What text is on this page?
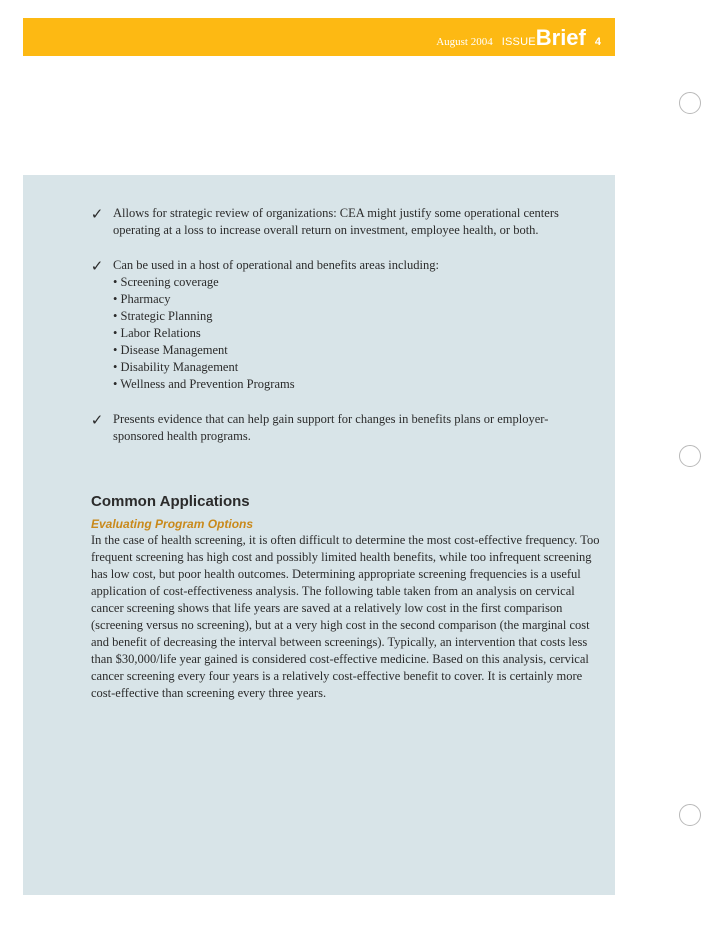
August 2004 ISSUE Brief 4
✓ Allows for strategic review of organizations: CEA might justify some operational centers operating at a loss to increase overall return on investment, employee health, or both.
✓ Can be used in a host of operational and benefits areas including:
• Screening coverage
• Pharmacy
• Strategic Planning
• Labor Relations
• Disease Management
• Disability Management
• Wellness and Prevention Programs
✓ Presents evidence that can help gain support for changes in benefits plans or employer-sponsored health programs.
Common Applications
Evaluating Program Options

In the case of health screening, it is often difficult to determine the most cost-effective frequency. Too frequent screening has high cost and possibly limited health benefits, while too infrequent screening has low cost, but poor health outcomes. Determining appropriate screening frequencies is a useful application of cost-effectiveness analysis. The following table taken from an analysis on cervical cancer screening shows that life years are saved at a relatively low cost in the first comparison (screening versus no screening), but at a very high cost in the second comparison (the marginal cost and benefit of decreasing the interval between screenings). Typically, an intervention that costs less than $30,000/life year gained is considered cost-effective medicine. Based on this analysis, cervical cancer screening every four years is a relatively cost-effective benefit to cover. It is certainly more cost-effective than screening every three years.
